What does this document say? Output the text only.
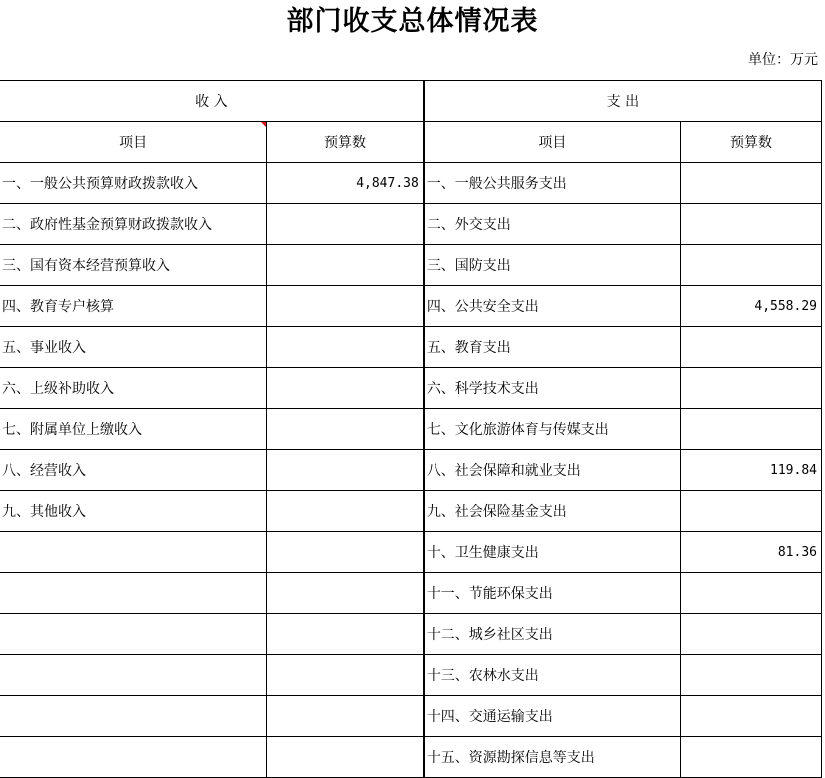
部门收支总体情况表
单位：万元
收 入		支 出	
项目	预算数	项目	预算数
一、一般公共预算财政拨款收入	4,847.38	一、一般公共服务支出	
二、政府性基金预算财政拨款收入		二、外交支出	
三、国有资本经营预算收入		三、国防支出	
四、教育专户核算		四、公共安全支出	4,558.29
五、事业收入		五、教育支出	
六、上级补助收入		六、科学技术支出	
七、附属单位上缴收入		七、文化旅游体育与传媒支出	
八、经营收入		八、社会保障和就业支出	119.84
九、其他收入		九、社会保险基金支出	
		十、卫生健康支出	81.36
		十一、节能环保支出	
		十二、城乡社区支出	
		十三、农林水支出	
		十四、交通运输支出	
		十五、资源勘探信息等支出	
